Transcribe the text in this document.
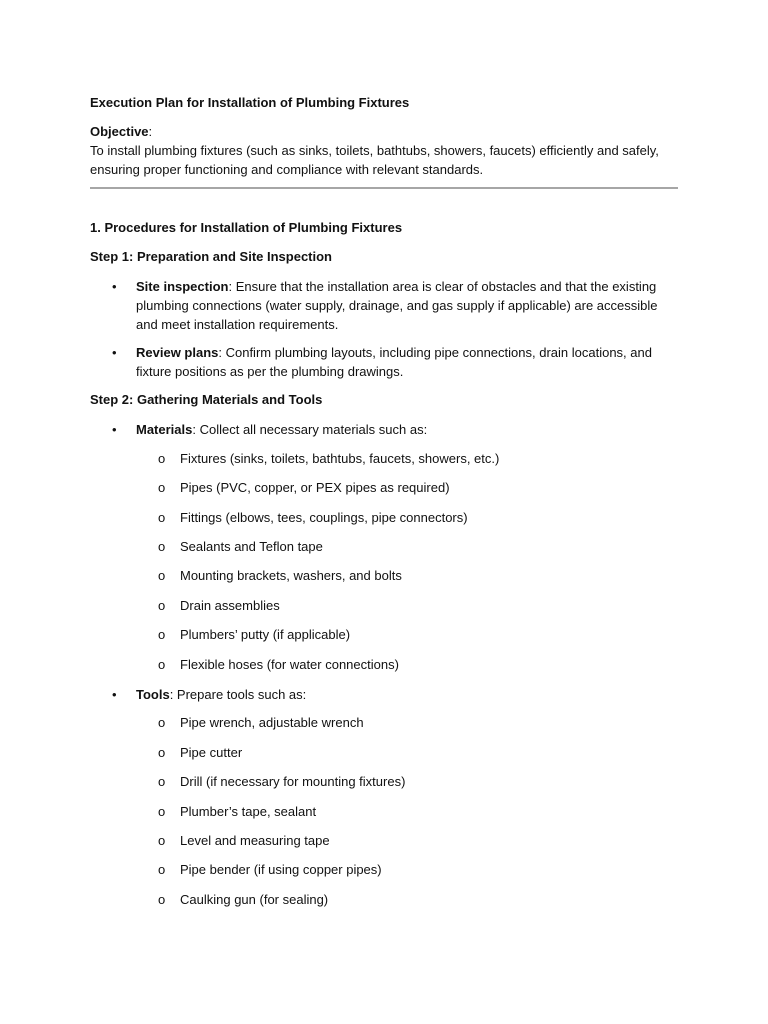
Execution Plan for Installation of Plumbing Fixtures
Objective:
To install plumbing fixtures (such as sinks, toilets, bathtubs, showers, faucets) efficiently and safely, ensuring proper functioning and compliance with relevant standards.
1. Procedures for Installation of Plumbing Fixtures
Step 1: Preparation and Site Inspection
•	Site inspection: Ensure that the installation area is clear of obstacles and that the existing plumbing connections (water supply, drainage, and gas supply if applicable) are accessible and meet installation requirements.
•	Review plans: Confirm plumbing layouts, including pipe connections, drain locations, and fixture positions as per the plumbing drawings.
Step 2: Gathering Materials and Tools
•	Materials: Collect all necessary materials such as:
o Fixtures (sinks, toilets, bathtubs, faucets, showers, etc.)
o Pipes (PVC, copper, or PEX pipes as required)
o Fittings (elbows, tees, couplings, pipe connectors)
o Sealants and Teflon tape
o Mounting brackets, washers, and bolts
o Drain assemblies
o Plumbers’ putty (if applicable)
o Flexible hoses (for water connections)
•	Tools: Prepare tools such as:
o Pipe wrench, adjustable wrench
o Pipe cutter
o Drill (if necessary for mounting fixtures)
o Plumber’s tape, sealant
o Level and measuring tape
o Pipe bender (if using copper pipes)
o Caulking gun (for sealing)
